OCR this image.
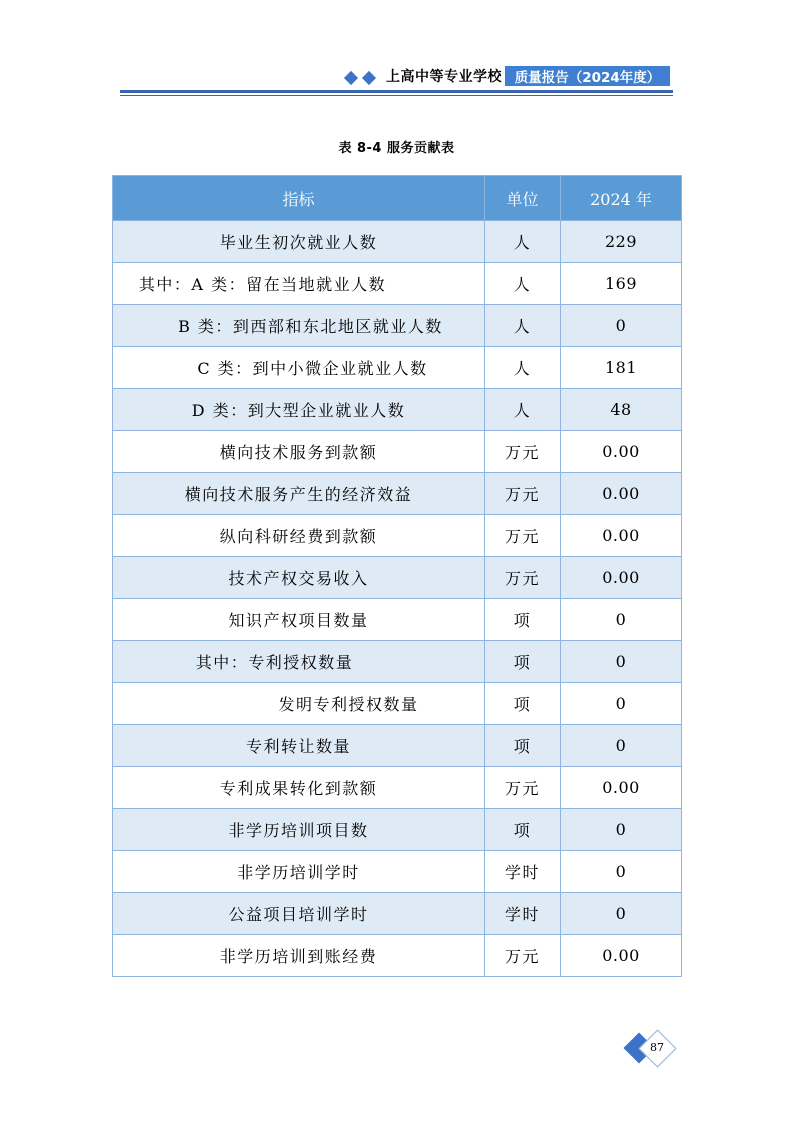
上高中等专业学校 质量报告（2024年度）
表 8-4 服务贡献表
指标	单位	2024 年
毕业生初次就业人数	人	229
其中：A 类：留在当地就业人数	人	169
B 类：到西部和东北地区就业人数	人	0
C 类：到中小微企业就业人数	人	181
D 类：到大型企业就业人数	人	48
横向技术服务到款额	万元	0.00
横向技术服务产生的经济效益	万元	0.00
纵向科研经费到款额	万元	0.00
技术产权交易收入	万元	0.00
知识产权项目数量	项	0
其中：专利授权数量	项	0
发明专利授权数量	项	0
专利转让数量	项	0
专利成果转化到款额	万元	0.00
非学历培训项目数	项	0
非学历培训学时	学时	0
公益项目培训学时	学时	0
非学历培训到账经费	万元	0.00
87
